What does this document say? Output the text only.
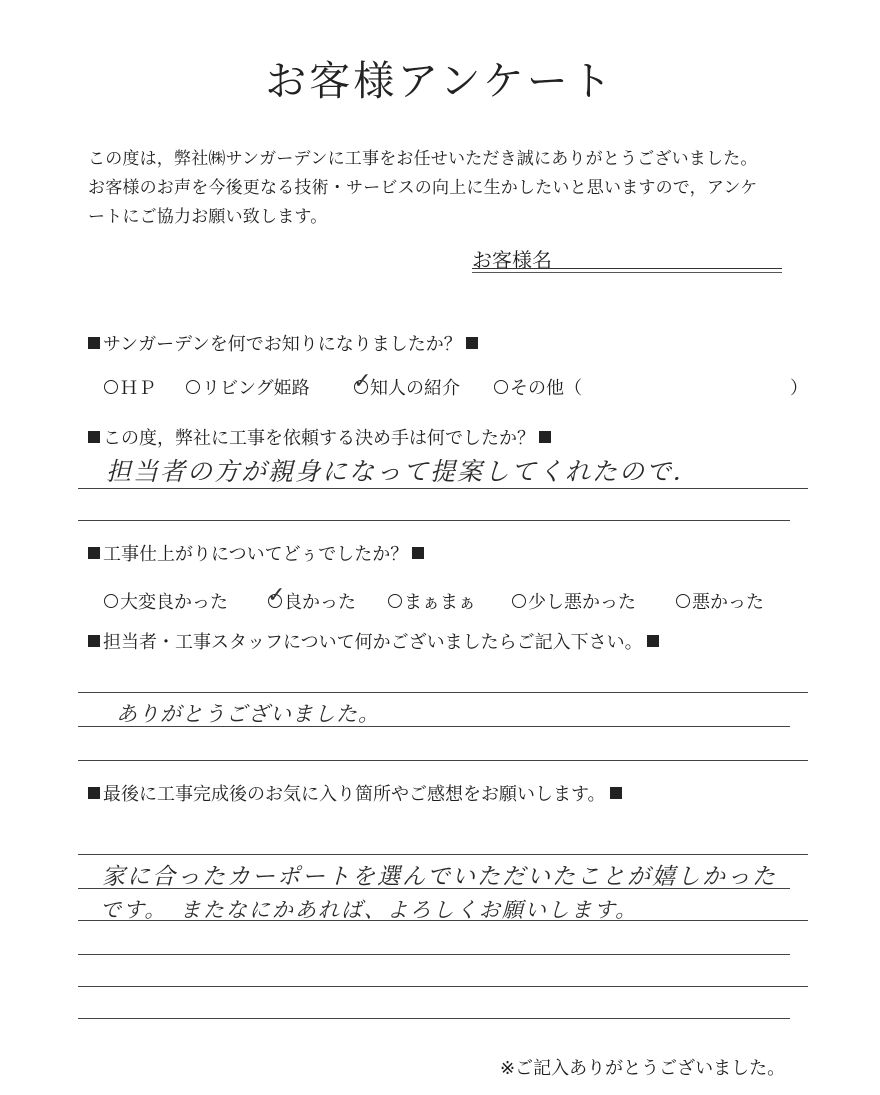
お客様アンケート
この度は，弊社㈱サンガーデンに工事をお任せいただき誠にありがとうございました。
お客様のお声を今後更なる技術・サービスの向上に生かしたいと思いますので，アンケ
ートにご協力お願い致します。
お客様名
サンガーデンを何でお知りになりましたか？
ＨＰ	リビング姫路 ✓
知人の紹介	その他（	）
この度，弊社に工事を依頼する決め手は何でしたか？
担当者の方が親身になって提案してくれたので．
工事仕上がりについてどぅでしたか？
大変良かった ✓
良かった	まぁまぁ	少し悪かった	悪かった
担当者・工事スタッフについて何かございましたらご記入下さい。
ありがとうございました。
最後に工事完成後のお気に入り箇所やご感想をお願いします。
家に合ったカーポートを選んでいただいたことが嬉しかった
です。　またなにかあれば、よろしくお願いします。
※ご記入ありがとうございました。
